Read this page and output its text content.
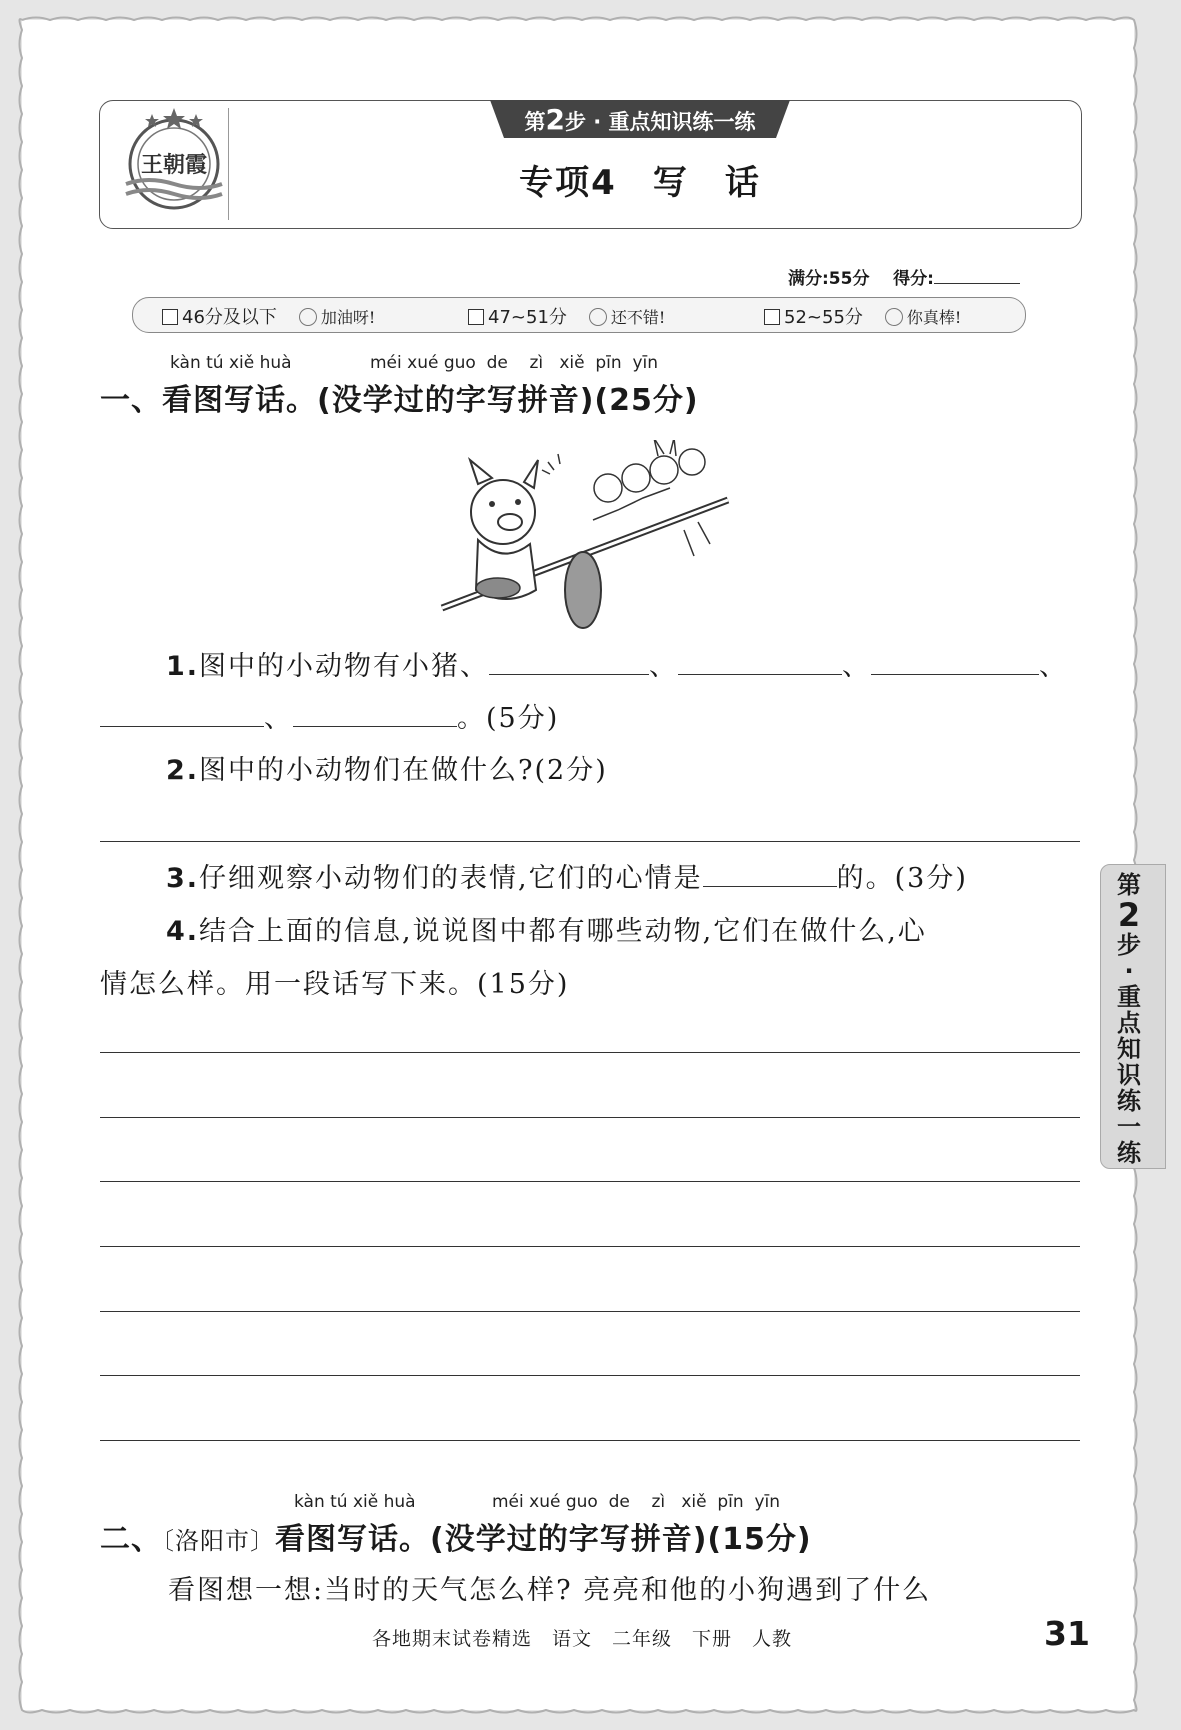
王朝霞
第2步 · 重点知识练一练
专项4　写　话
满分:55分 得分:
46分及以下	加油呀!	47~51分	还不错!	52~55分	你真棒!
kàn tú xiě huà	méi xué guo  de    zì   xiě  pīn  yīn
一、看图写话。(没学过的字写拼音)(25分)
1.图中的小动物有小猪、	、	、	、
、	。(5分)
2.图中的小动物们在做什么?(2分)
3.仔细观察小动物们的表情,它们的心情是	的。(3分)
4.结合上面的信息,说说图中都有哪些动物,它们在做什么,心
情怎么样。用一段话写下来。(15分)
kàn tú xiě huà	méi xué guo  de    zì   xiě  pīn  yīn
二、〔洛阳市〕看图写话。(没学过的字写拼音)(15分)
看图想一想:当时的天气怎么样? 亮亮和他的小狗遇到了什么
第
2
步·重点知识练一练
各地期末试卷精选　语文　二年级　下册　人教	31
